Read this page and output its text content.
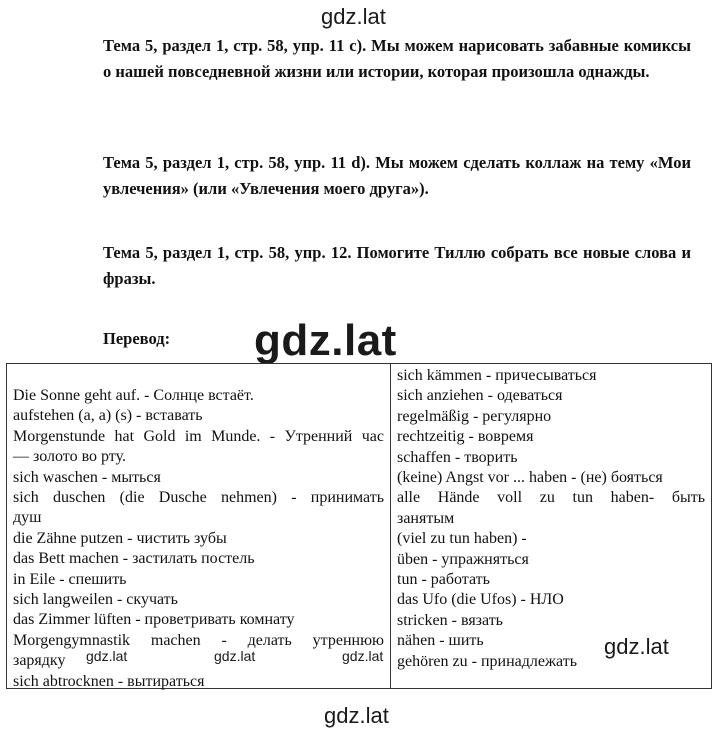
gdz.lat
Тема 5, раздел 1, стр. 58, упр. 11 с). Мы можем нарисовать забавные комиксы о нашей повседневной жизни или истории, которая произошла однажды.
Тема 5, раздел 1, стр. 58, упр. 11 d). Мы можем сделать коллаж на тему «Мои увлечения» (или «Увлечения моего друга»).
Тема 5, раздел 1, стр. 58, упр. 12. Помогите Тиллю собрать все новые слова и фразы.
Перевод: gdz.lat
Die Sonne geht auf. - Солнце встаёт.
aufstehen (a, a) (s) - вставать
Morgenstunde hat Gold im Munde. - Утренний час
— золото во рту.
sich waschen - мыться
sich duschen (die Dusche nehmen) - принимать
душ
die Zähne putzen - чистить зубы
das Bett machen - застилать постель
in Eile - спешить
sich langweilen - скучать
das Zimmer lüften - проветривать комнату
Morgengymnastik machen - делать утреннюю
зарядку
sich abtrocknen - вытираться
sich kämmen - причесываться
sich anziehen - одеваться
regelmäßig - регулярно
rechtzeitig - вовремя
schaffen - творить
(keine) Angst vor ... haben - (не) бояться
alle Hände voll zu tun haben- быть
занятым
(viel zu tun haben) -
üben - упражняться
tun - работать
das Ufo (die Ufos) - НЛО
stricken - вязать
nähen - шить
gehören zu - принадлежать
gdz.lat	gdz.lat	gdz.lat	gdz.lat
gdz.lat
